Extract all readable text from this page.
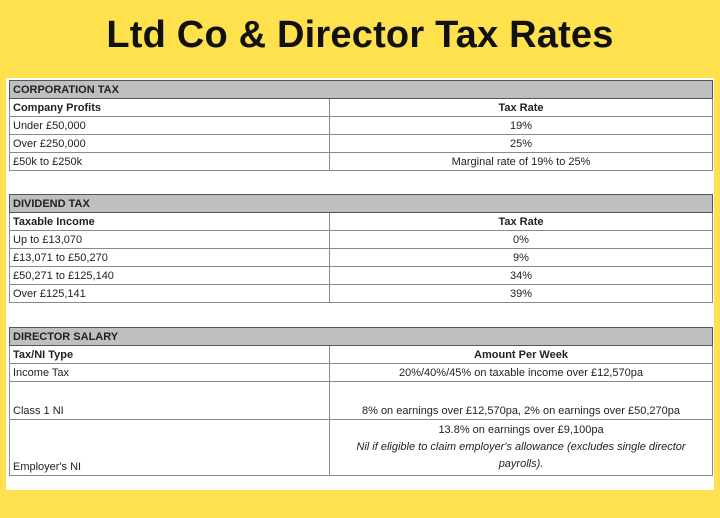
Ltd Co & Director Tax Rates
CORPORATION TAX	
Company Profits	Tax Rate
Under £50,000	19%
Over £250,000	25%
£50k to £250k	Marginal rate of 19% to 25%
DIVIDEND TAX	
Taxable Income	Tax Rate
Up to £13,070	0%
£13,071 to £50,270	9%
£50,271 to £125,140	34%
Over £125,141	39%
DIRECTOR SALARY	
Tax/NI Type	Amount Per Week
Income Tax	20%/40%/45% on taxable income over £12,570pa
Class 1 NI	8% on earnings over £12,570pa, 2% on earnings over £50,270pa
Employer's NI	13.8% on earnings over £9,100pa
Nil if eligible to claim employer's allowance (excludes single director payrolls).
